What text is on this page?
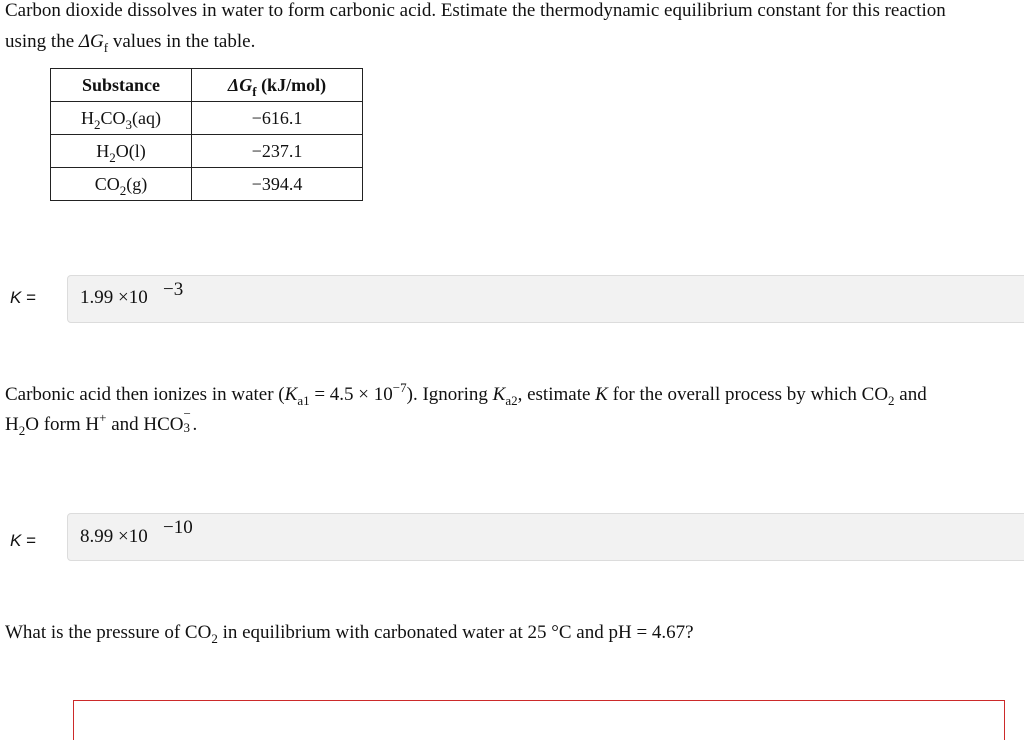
Carbon dioxide dissolves in water to form carbonic acid. Estimate the thermodynamic equilibrium constant for this reaction

using the $\Delta G_f$ values in the table.

Substance	$\Delta G_f$ (kJ/mol)
$H_2CO_3(aq)$	−616.1
$H_2O(l)$	−237.1
$CO_2(g)$	−394.4
K = 1.99 ×10 −3

Carbonic acid then ionizes in water $(K_{a1} = 4.5 \times 10^{-7})$. Ignoring $K_{a2}$, estimate K for the overall process by which $CO_2$ and

$H_2O$ form H+ and HCO
−
3 .

K = 8.99 ×10 −10

What is the pressure of $CO_2$ in equilibrium with carbonated water at 25 °C and pH = 4.67?
